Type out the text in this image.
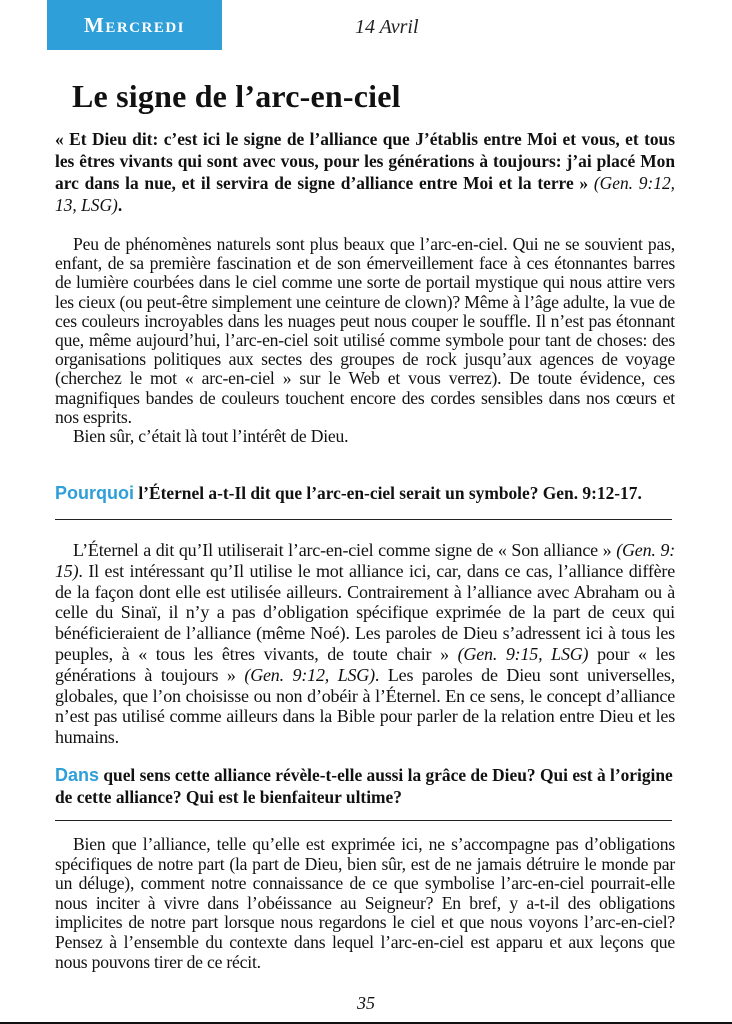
Mercredi	14 Avril
Le signe de l’arc-en-ciel

« Et Dieu dit: c’est ici le signe de l’alliance que J’établis entre Moi et vous, et tous les êtres vivants qui sont avec vous, pour les générations à toujours: j’ai placé Mon arc dans la nue, et il servira de signe d’alliance entre Moi et la terre » (Gen. 9:12, 13, LSG).

Peu de phénomènes naturels sont plus beaux que l’arc-en-ciel. Qui ne se souvient pas, enfant, de sa première fascination et de son émerveillement face à ces étonnantes barres de lumière courbées dans le ciel comme une sorte de portail mystique qui nous attire vers les cieux (ou peut-être simplement une ceinture de clown)? Même à l’âge adulte, la vue de ces couleurs incroyables dans les nuages peut nous couper le souffle. Il n’est pas étonnant que, même aujourd’hui, l’arc-en-ciel soit utilisé comme symbole pour tant de choses: des organisations politiques aux sectes des groupes de rock jusqu’aux agences de voyage (cherchez le mot « arc-en-ciel » sur le Web et vous verrez). De toute évidence, ces magnifiques bandes de couleurs touchent encore des cordes sensibles dans nos cœurs et nos esprits.

Bien sûr, c’était là tout l’intérêt de Dieu.

Pourquoi l’Éternel a-t-Il dit que l’arc-en-ciel serait un symbole? Gen. 9:12-17.

L’Éternel a dit qu’Il utiliserait l’arc-en-ciel comme signe de « Son alliance » (Gen. 9: 15). Il est intéressant qu’Il utilise le mot alliance ici, car, dans ce cas, l’alliance diffère de la façon dont elle est utilisée ailleurs. Contrairement à l’alliance avec Abraham ou à celle du Sinaï, il n’y a pas d’obligation spécifique exprimée de la part de ceux qui bénéficieraient de l’alliance (même Noé). Les paroles de Dieu s’adressent ici à tous les peuples, à « tous les êtres vivants, de toute chair » (Gen. 9:15, LSG) pour « les générations à toujours » (Gen. 9:12, LSG). Les paroles de Dieu sont universelles, globales, que l’on choisisse ou non d’obéir à l’Éternel. En ce sens, le concept d’alliance n’est pas utilisé comme ailleurs dans la Bible pour parler de la relation entre Dieu et les humains.

Dans quel sens cette alliance révèle-t-elle aussi la grâce de Dieu? Qui est à l’origine de cette alliance? Qui est le bienfaiteur ultime?

Bien que l’alliance, telle qu’elle est exprimée ici, ne s’accompagne pas d’obligations spécifiques de notre part (la part de Dieu, bien sûr, est de ne jamais détruire le monde par un déluge), comment notre connaissance de ce que symbolise l’arc-en-ciel pourrait-elle nous inciter à vivre dans l’obéissance au Seigneur? En bref, y a-t-il des obligations implicites de notre part lorsque nous regardons le ciel et que nous voyons l’arc-en-ciel? Pensez à l’ensemble du contexte dans lequel l’arc-en-ciel est apparu et aux leçons que nous pouvons tirer de ce récit.

35
